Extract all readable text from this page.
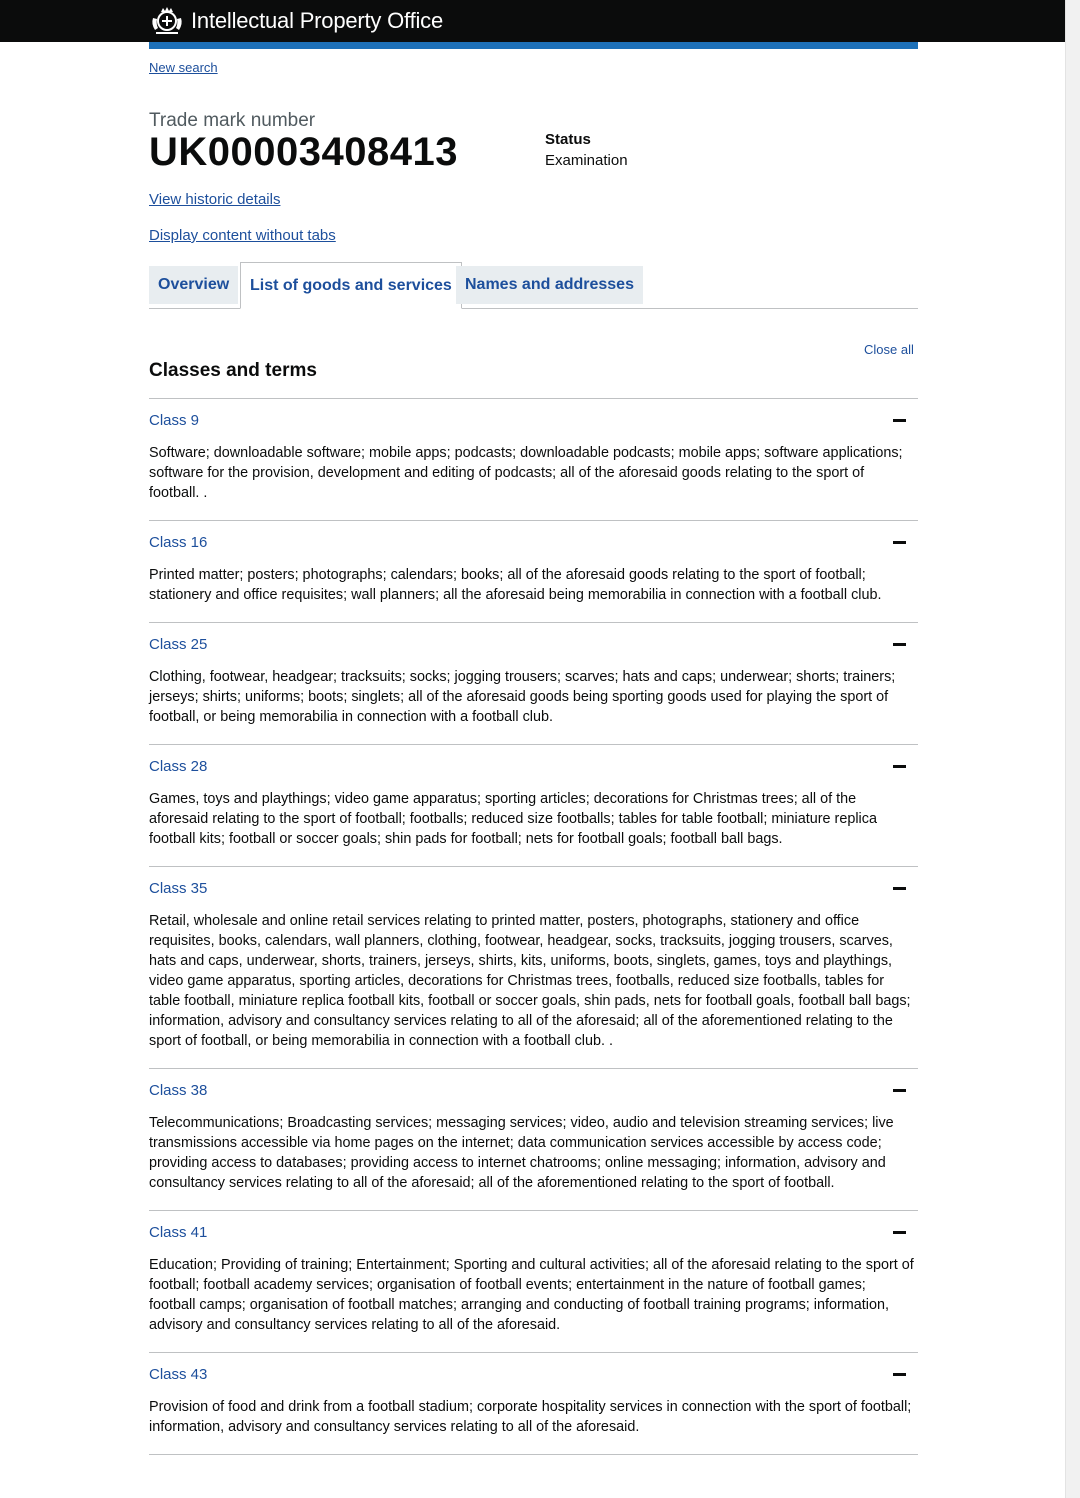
Intellectual Property Office
New search
Trade mark number
UK00003408413	Status
Examination
View historic details
Display content without tabs
Overview	List of goods and services Names and addresses
Close all
Classes and terms
Class 9

Software; downloadable software; mobile apps; podcasts; downloadable podcasts; mobile apps; software applications; software for the provision, development and editing of podcasts; all of the aforesaid goods relating to the sport of football. .

Class 16

Printed matter; posters; photographs; calendars; books; all of the aforesaid goods relating to the sport of football; stationery and office requisites; wall planners; all the aforesaid being memorabilia in connection with a football club.

Class 25

Clothing, footwear, headgear; tracksuits; socks; jogging trousers; scarves; hats and caps; underwear; shorts; trainers; jerseys; shirts; uniforms; boots; singlets; all of the aforesaid goods being sporting goods used for playing the sport of football, or being memorabilia in connection with a football club.

Class 28

Games, toys and playthings; video game apparatus; sporting articles; decorations for Christmas trees; all of the aforesaid relating to the sport of football; footballs; reduced size footballs; tables for table football; miniature replica football kits; football or soccer goals; shin pads for football; nets for football goals; football ball bags.

Class 35

Retail, wholesale and online retail services relating to printed matter, posters, photographs, stationery and office requisites, books, calendars, wall planners, clothing, footwear, headgear, socks, tracksuits, jogging trousers, scarves, hats and caps, underwear, shorts, trainers, jerseys, shirts, kits, uniforms, boots, singlets, games, toys and playthings, video game apparatus, sporting articles, decorations for Christmas trees, footballs, reduced size footballs, tables for table football, miniature replica football kits, football or soccer goals, shin pads, nets for football goals, football ball bags; information, advisory and consultancy services relating to all of the aforesaid; all of the aforementioned relating to the sport of football, or being memorabilia in connection with a football club. .

Class 38

Telecommunications; Broadcasting services; messaging services; video, audio and television streaming services; live transmissions accessible via home pages on the internet; data communication services accessible by access code; providing access to databases; providing access to internet chatrooms; online messaging; information, advisory and consultancy services relating to all of the aforesaid; all of the aforementioned relating to the sport of football.

Class 41

Education; Providing of training; Entertainment; Sporting and cultural activities; all of the aforesaid relating to the sport of football; football academy services; organisation of football events; entertainment in the nature of football games; football camps; organisation of football matches; arranging and conducting of football training programs; information, advisory and consultancy services relating to all of the aforesaid.

Class 43

Provision of food and drink from a football stadium; corporate hospitality services in connection with the sport of football; information, advisory and consultancy services relating to all of the aforesaid.
